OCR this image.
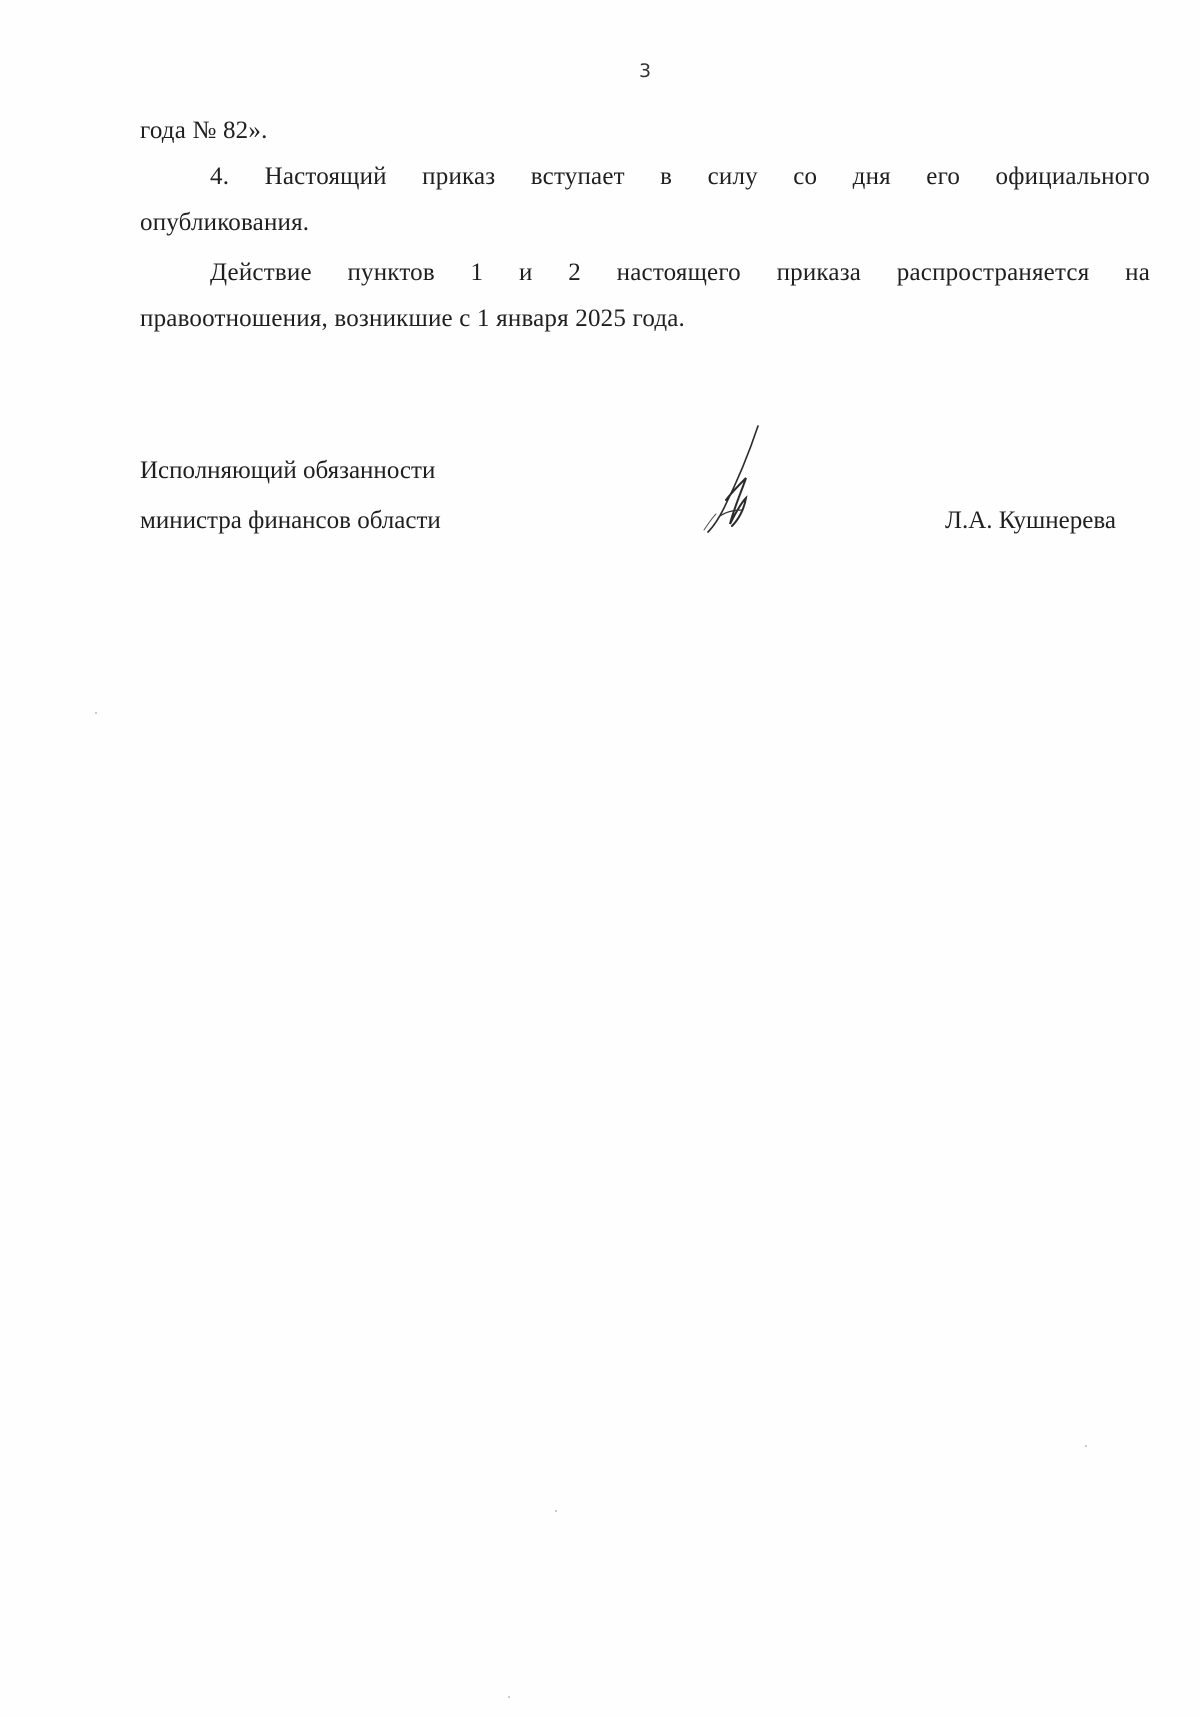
3
года № 82».
4. Настоящий приказ вступает в силу со дня его официального
опубликования.
Действие пунктов 1 и 2 настоящего приказа распространяется на
правоотношения, возникшие с 1 января 2025 года.
Исполняющий обязанности
министра финансов области	Л.А. Кушнерева
